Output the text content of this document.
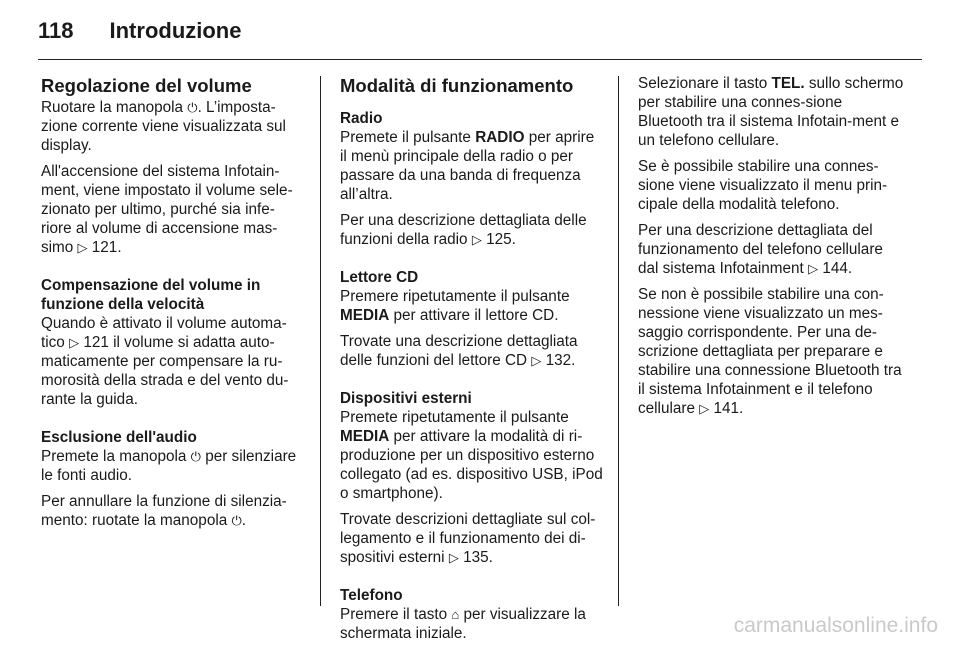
118 Introduzione
Regolazione del volume

Ruotare la manopola ⏻. L’imposta-zione corrente viene visualizzata sul display.

All'accensione del sistema Infotain-ment, viene impostato il volume sele-zionato per ultimo, purché sia infe-riore al volume di accensione mas-simo ▷ 121.

Compensazione del volume in funzione della velocità

Quando è attivato il volume automa-tico ▷ 121 il volume si adatta auto-maticamente per compensare la ru-morosità della strada e del vento du-rante la guida.

Esclusione dell'audio

Premete la manopola ⏻ per silenziare le fonti audio.

Per annullare la funzione di silenzia-mento: ruotate la manopola ⏻.

Modalità di funzionamento
Radio

Premete il pulsante RADIO per aprire il menù principale della radio o per passare da una banda di frequenza all’altra.

Per una descrizione dettagliata delle funzioni della radio ▷ 125.

Lettore CD

Premere ripetutamente il pulsante MEDIA per attivare il lettore CD.

Trovate una descrizione dettagliata delle funzioni del lettore CD ▷ 132.

Dispositivi esterni

Premete ripetutamente il pulsante MEDIA per attivare la modalità di ri-produzione per un dispositivo esterno collegato (ad es. dispositivo USB, iPod o smartphone).

Trovate descrizioni dettagliate sul col-legamento e il funzionamento dei di-spositivi esterni ▷ 135.

Telefono

Premere il tasto ⌂ per visualizzare la schermata iniziale.

Selezionare il tasto TEL. sullo schermo per stabilire una connes-sione Bluetooth tra il sistema Infotain-ment e un telefono cellulare.

Se è possibile stabilire una connes-sione viene visualizzato il menu prin-cipale della modalità telefono.

Per una descrizione dettagliata del funzionamento del telefono cellulare dal sistema Infotainment ▷ 144.

Se non è possibile stabilire una con-nessione viene visualizzato un mes-saggio corrispondente. Per una de-scrizione dettagliata per preparare e stabilire una connessione Bluetooth tra il sistema Infotainment e il telefono cellulare ▷ 141.

carmanualsonline.info
